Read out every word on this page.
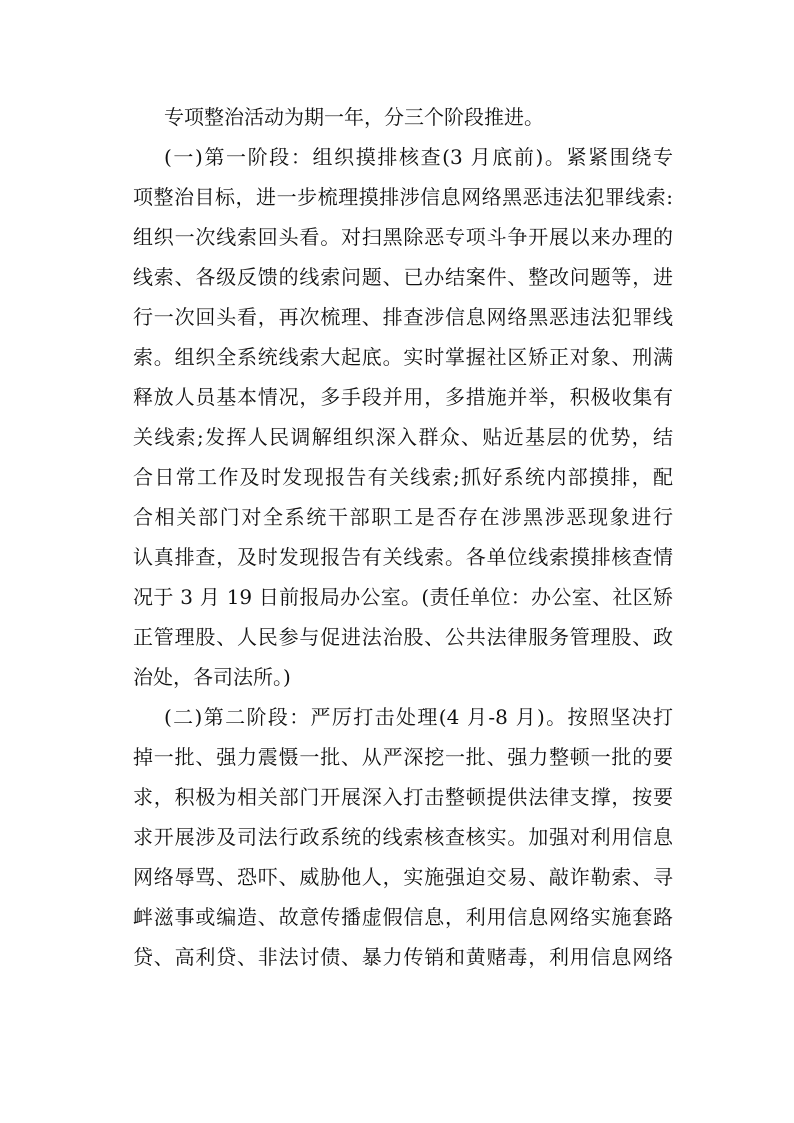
专项整治活动为期一年，分三个阶段推进。
(一)第一阶段：组织摸排核查(3 月底前)。紧紧围绕专
项整治目标，进一步梳理摸排涉信息网络黑恶违法犯罪线索:
组织一次线索回头看。对扫黑除恶专项斗争开展以来办理的
线索、各级反馈的线索问题、已办结案件、整改问题等，进
行一次回头看，再次梳理、排查涉信息网络黑恶违法犯罪线
索。组织全系统线索大起底。实时掌握社区矫正对象、刑满
释放人员基本情况，多手段并用，多措施并举，积极收集有
关线索;发挥人民调解组织深入群众、贴近基层的优势，结
合日常工作及时发现报告有关线索;抓好系统内部摸排，配
合相关部门对全系统干部职工是否存在涉黑涉恶现象进行
认真排查，及时发现报告有关线索。各单位线索摸排核查情
况于 3 月 19 日前报局办公室。(责任单位：办公室、社区矫
正管理股、人民参与促进法治股、公共法律服务管理股、政
治处，各司法所。)
(二)第二阶段：严厉打击处理(4 月-8 月)。按照坚决打
掉一批、强力震慑一批、从严深挖一批、强力整顿一批的要
求，积极为相关部门开展深入打击整顿提供法律支撑，按要
求开展涉及司法行政系统的线索核查核实。加强对利用信息
网络辱骂、恐吓、威胁他人，实施强迫交易、敲诈勒索、寻
衅滋事或编造、故意传播虚假信息，利用信息网络实施套路
贷、高利贷、非法讨债、暴力传销和黄赌毒，利用信息网络
